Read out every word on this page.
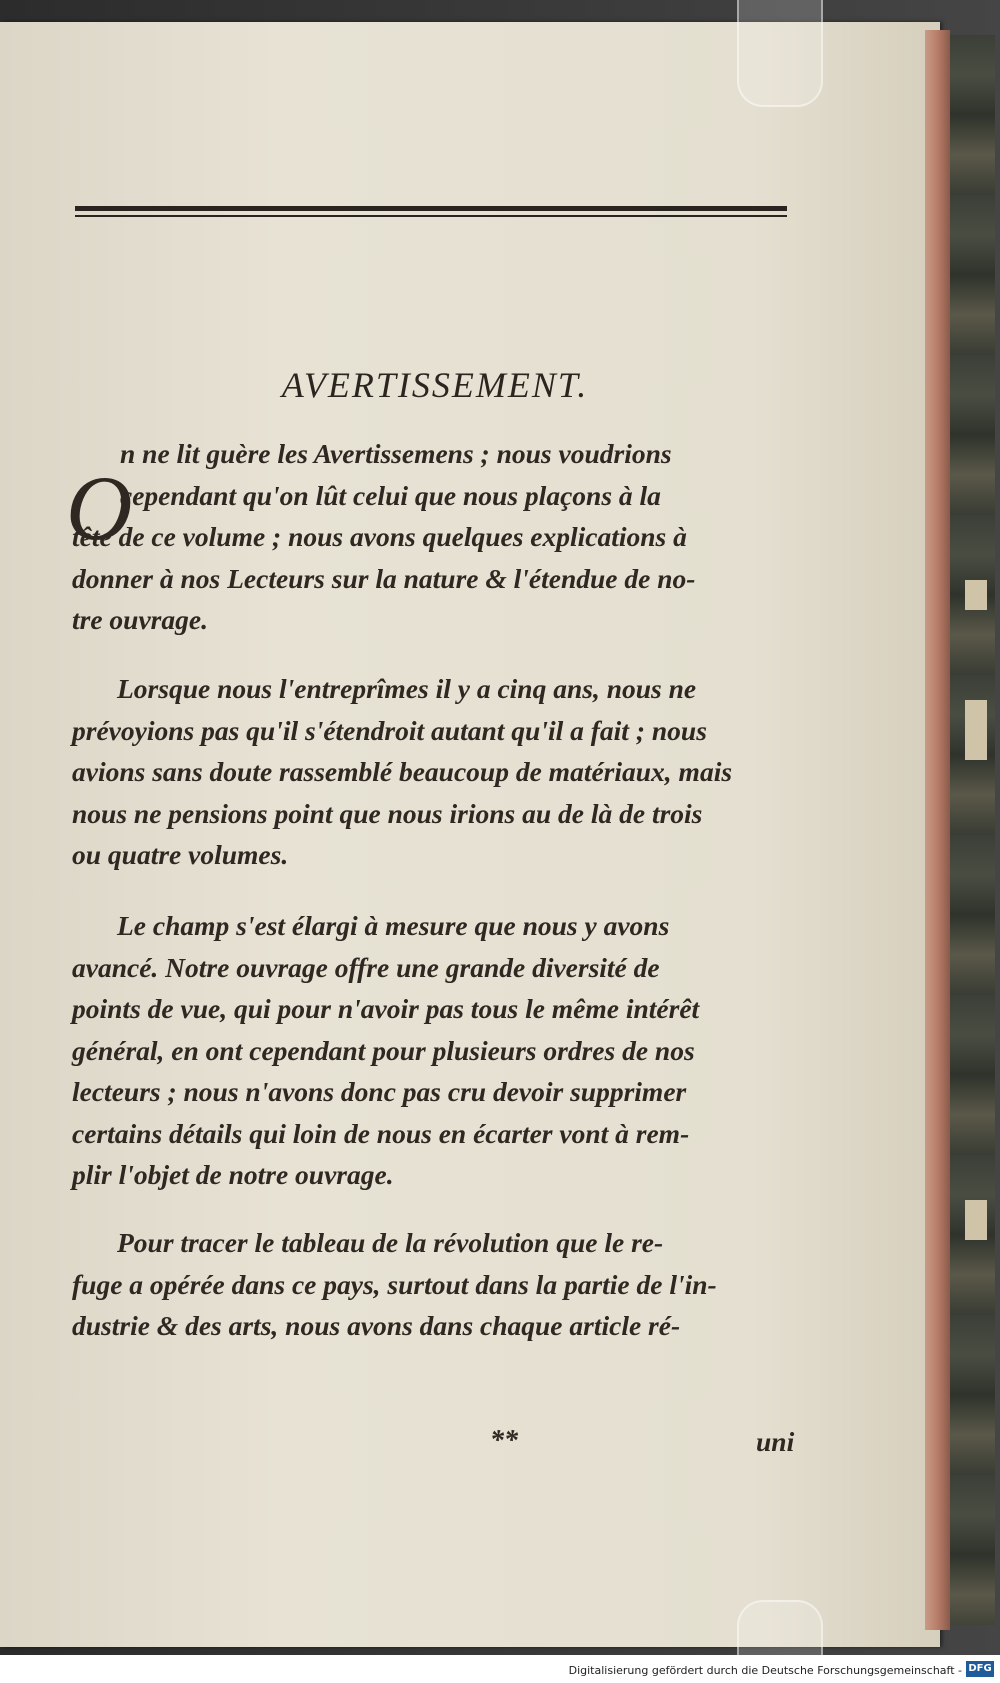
AVERTISSEMENT.
O
n ne lit guère les Avertissemens ; nous voudrions
cependant qu'on lût celui que nous plaçons à la
tête de ce volume ; nous avons quelques explications à
donner à nos Lecteurs sur la nature & l'étendue de no-
tre ouvrage.
Lorsque nous l'entreprîmes il y a cinq ans, nous ne
prévoyions pas qu'il s'étendroit autant qu'il a fait ; nous
avions sans doute rassemblé beaucoup de matériaux, mais
nous ne pensions point que nous irions au de là de trois
ou quatre volumes.
Le champ s'est élargi à mesure que nous y avons
avancé. Notre ouvrage offre une grande diversité de
points de vue, qui pour n'avoir pas tous le même intérêt
général, en ont cependant pour plusieurs ordres de nos
lecteurs ; nous n'avons donc pas cru devoir supprimer
certains détails qui loin de nous en écarter vont à rem-
plir l'objet de notre ouvrage.
Pour tracer le tableau de la révolution que le re-
fuge a opérée dans ce pays, surtout dans la partie de l'in-
dustrie & des arts, nous avons dans chaque article ré-
**	uni
Digitalisierung gefördert durch die Deutsche Forschungsgemeinschaft - DFG
